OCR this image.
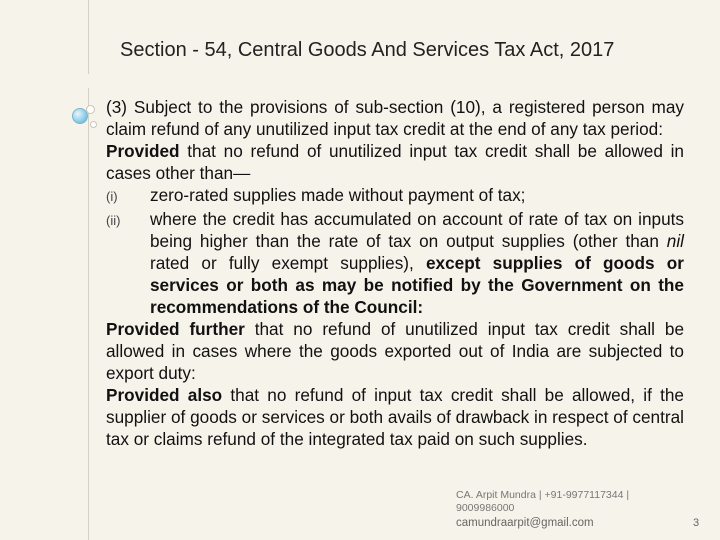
Section - 54, Central Goods And Services Tax Act, 2017

(3) Subject to the provisions of sub-section (10), a registered person may claim refund of any unutilized input tax credit at the end of any tax period:

Provided that no refund of unutilized input tax credit shall be allowed in cases other than—

(i)	zero-rated supplies made without payment of tax;
(ii)	where the credit has accumulated on account of rate of tax on inputs being higher than the rate of tax on output supplies (other than nil rated or fully exempt supplies), except supplies of goods or services or both as may be notified by the Government on the recommendations of the Council:

Provided further that no refund of unutilized input tax credit shall be allowed in cases where the goods exported out of India are subjected to export duty:

Provided also that no refund of input tax credit shall be allowed, if the supplier of goods or services or both avails of drawback in respect of central tax or claims refund of the integrated tax paid on such supplies.

CA. Arpit Mundra | +91-9977117344 |
9009986000
camundraarpit@gmail.com	3
